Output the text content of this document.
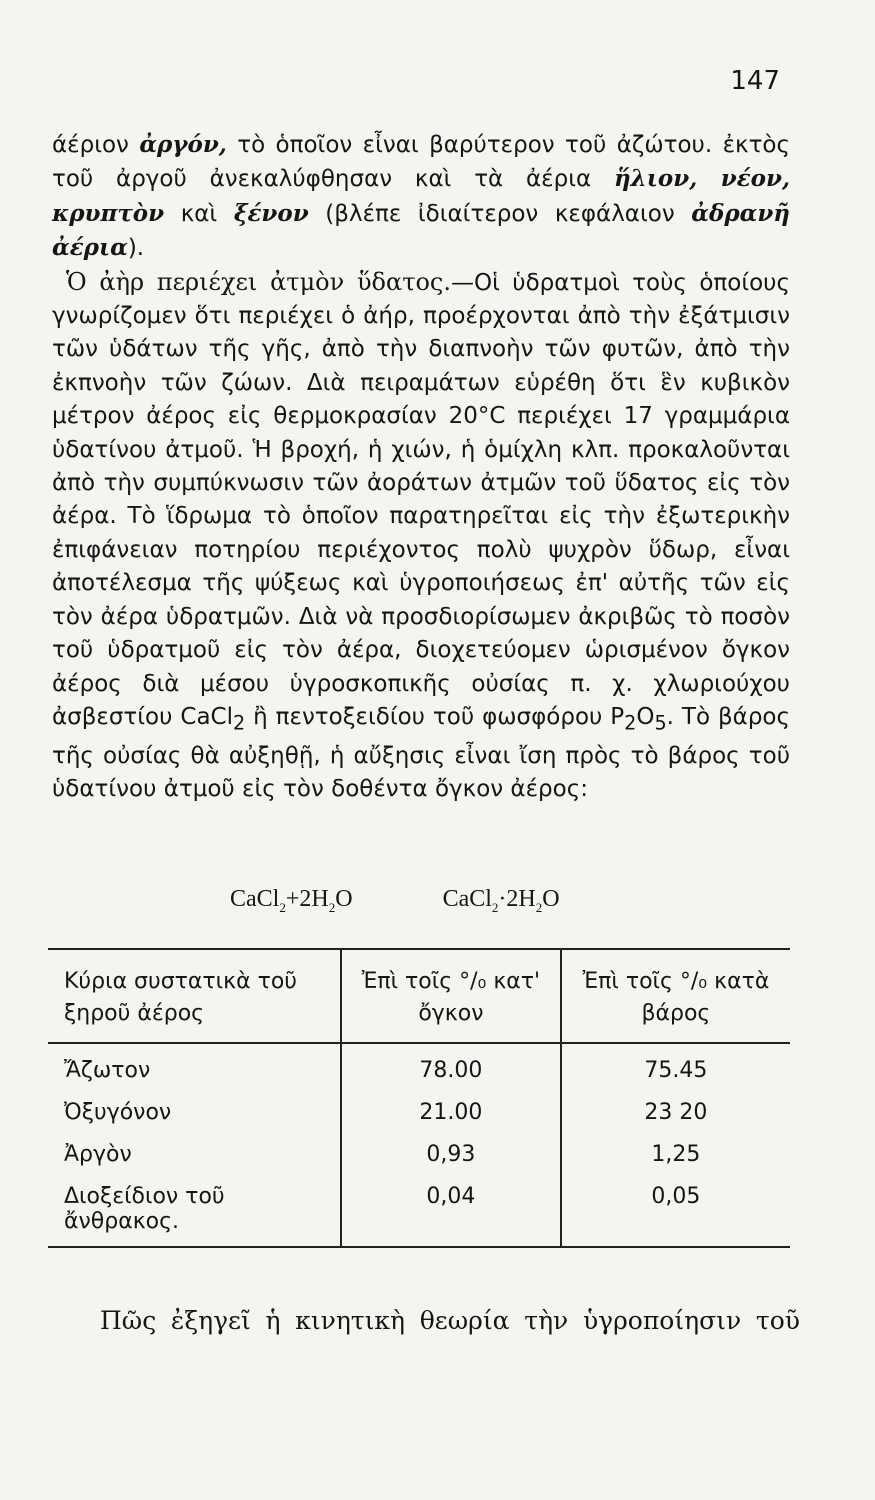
147

άέριον ἀργόν, τὸ ὁποῖον εἶναι βαρύτερον τοῦ ἀζώτου. ἐκτὸς τοῦ ἀργοῦ ἀνεκαλύφθησαν καὶ τὰ ἀέρια ἥλιον, νέον, κρυπτὸν καὶ ξένον (βλέπε ἰδιαίτερον κεφάλαιον ἀδρανῆ ἀέρια).

Ὁ ἀὴρ περιέχει ἀτμὸν ὕδατος.—Οἱ ὑδρατμοὶ τοὺς ὁποίους γνωρίζομεν ὅτι περιέχει ὁ ἀήρ, προέρχονται ἀπὸ τὴν ἐξάτμισιν τῶν ὑδάτων τῆς γῆς, ἀπὸ τὴν διαπνοὴν τῶν φυτῶν, ἀπὸ τὴν ἐκπνοὴν τῶν ζώων. Διὰ πειραμάτων εὑρέθη ὅτι ἓν κυβικὸν μέτρον ἀέρος εἰς θερμοκρασίαν 20°C περιέχει 17 γραμμάρια ὑδατίνου ἀτμοῦ. Ἡ βροχή, ἡ χιών, ἡ ὁμίχλη κλπ. προκαλοῦνται ἀπὸ τὴν συμπύκνωσιν τῶν ἀοράτων ἀτμῶν τοῦ ὕδατος εἰς τὸν ἀέρα. Τὸ ἵδρωμα τὸ ὁποῖον παρατηρεῖται εἰς τὴν ἐξωτερικὴν ἐπιφάνειαν ποτηρίου περιέχοντος πολὺ ψυχρὸν ὕδωρ, εἶναι ἀποτέλεσμα τῆς ψύξεως καὶ ὑγροποιήσεως ἐπ' αὐτῆς τῶν εἰς τὸν ἀέρα ὑδρατμῶν. Διὰ νὰ προσδιορίσωμεν ἀκριβῶς τὸ ποσὸν τοῦ ὑδρατμοῦ εἰς τὸν ἀέρα, διοχετεύομεν ὡρισμένον ὄγκον ἀέρος διὰ μέσου ὑγροσκοπικῆς οὐσίας π. χ. χλωριούχου ἀσβεστίου CaCl$_2$ ἢ πεντοξειδίου τοῦ φωσφόρου $P_2O_5$. Τὸ βάρος τῆς οὐσίας θὰ αὐξηθῇ, ἡ αὔξησις εἶναι ἴση πρὸς τὸ βάρος τοῦ ὑδατίνου ἀτμοῦ εἰς τὸν δοθέντα ὄγκον ἀέρος:

$CaCl_2+2H_2O$	$CaCl_2\cdot 2H_2O$
Κύρια συστατικὰ τοῦ ξηροῦ ἀέρος	Ἐπὶ τοῖς °/₀ κατ' ὄγκον	Ἐπὶ τοῖς °/₀ κατὰ βάρος
Ἄζωτον	78.00	75.45
Ὀξυγόνον	21.00	23 20
Ἀργὸν	0,93	1,25
Διοξείδιον τοῦ ἄνθρακος.	0,04	0,05
Πῶς ἐξηγεῖ ἡ κινητικὴ θεωρία τὴν ὑγροποίησιν τοῦ
